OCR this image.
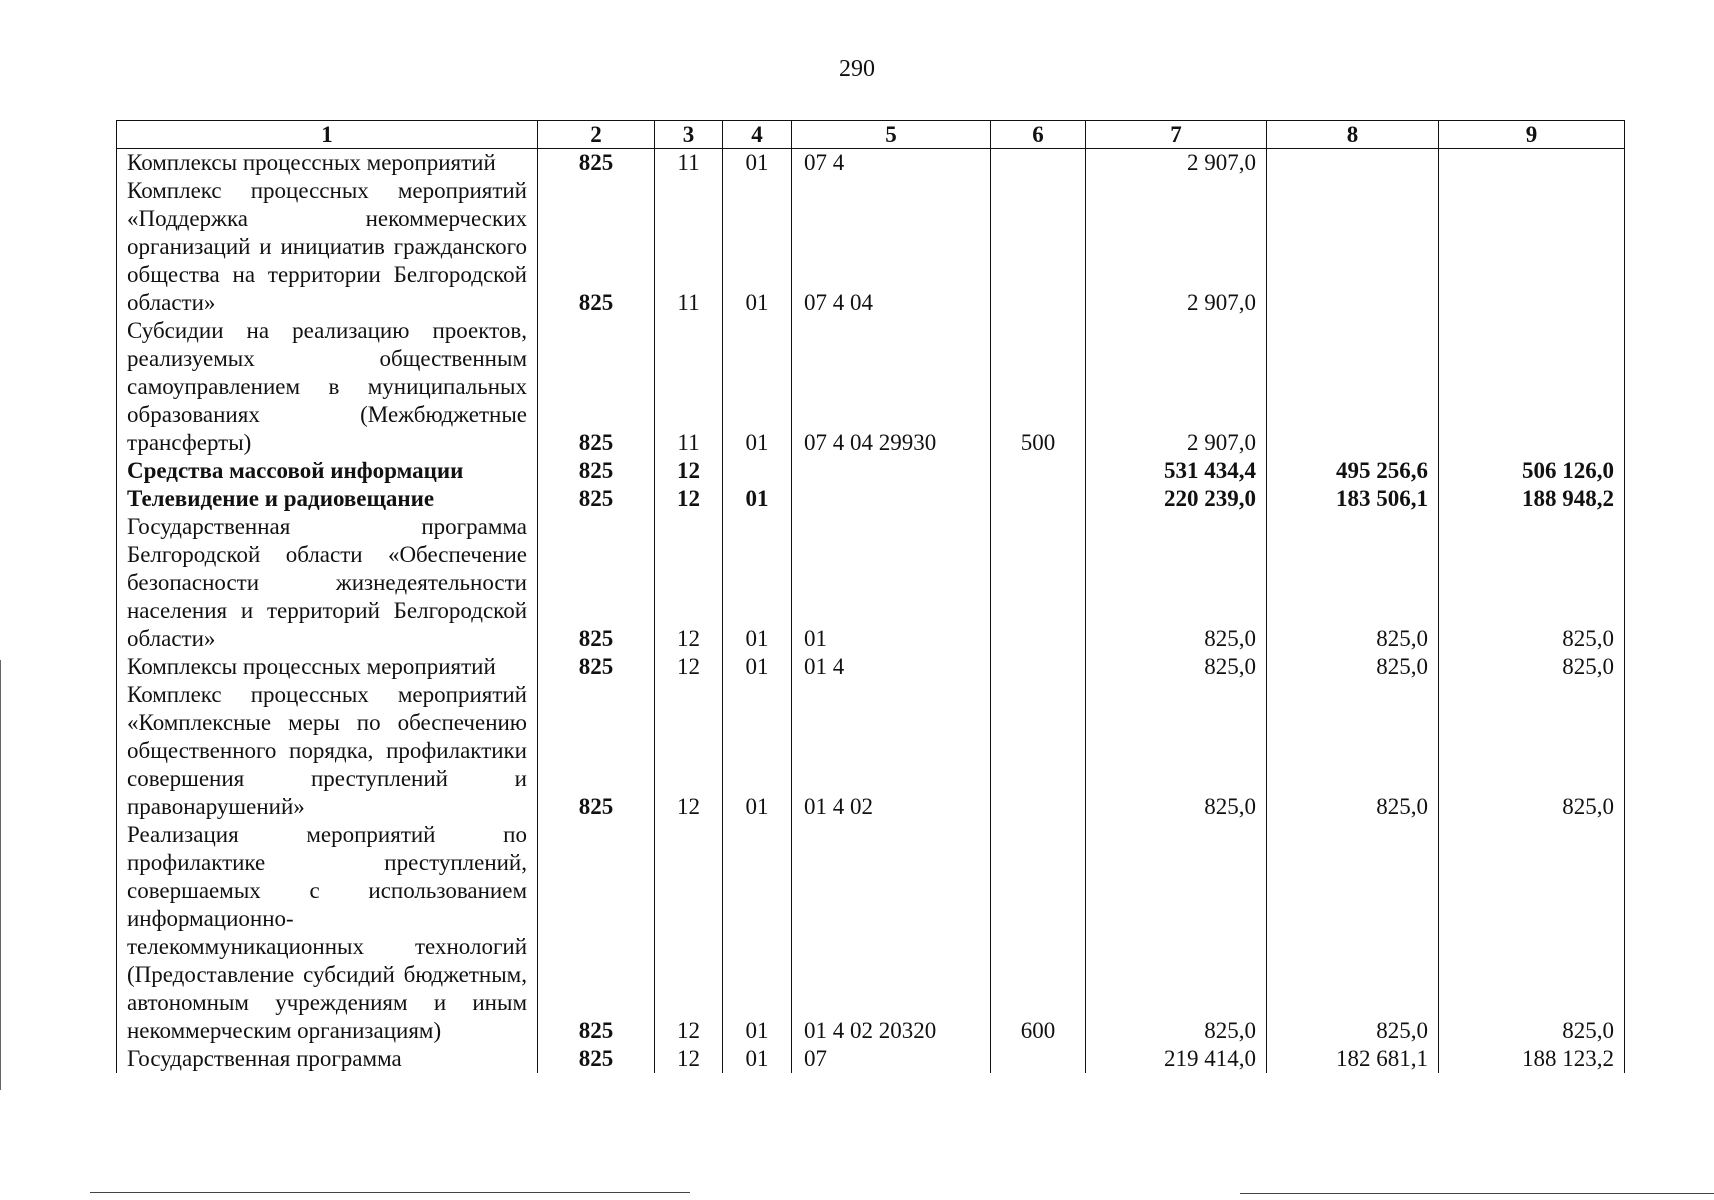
290
1	2	3	4	5	6	7	8	9
Комплексы процессных мероприятий	825	11	01	07 4		2 907,0		
Комплекс процессных мероприятий «Поддержка некоммерческих организаций и инициатив гражданского общества на территории Белгородской области»	825	11	01	07 4 04		2 907,0		
Субсидии на реализацию проектов, реализуемых общественным самоуправлением в муниципальных образованиях (Межбюджетные трансферты)	825	11	01	07 4 04 29930	500	2 907,0		
Средства массовой информации	825	12				531 434,4	495 256,6	506 126,0
Телевидение и радиовещание	825	12	01			220 239,0	183 506,1	188 948,2
Государственная программа Белгородской области «Обеспечение безопасности жизнедеятельности населения и территорий Белгородской области»	825	12	01	01		825,0	825,0	825,0
Комплексы процессных мероприятий	825	12	01	01 4		825,0	825,0	825,0
Комплекс процессных мероприятий «Комплексные меры по обеспечению общественного порядка, профилактики совершения преступлений и правонарушений»	825	12	01	01 4 02		825,0	825,0	825,0
Реализация мероприятий по профилактике преступлений, совершаемых с использованием информационно-телекоммуникационных технологий (Предоставление субсидий бюджетным, автономным учреждениям и иным некоммерческим организациям)	825	12	01	01 4 02 20320	600	825,0	825,0	825,0
Государственная программа	825	12	01	07		219 414,0	182 681,1	188 123,2
